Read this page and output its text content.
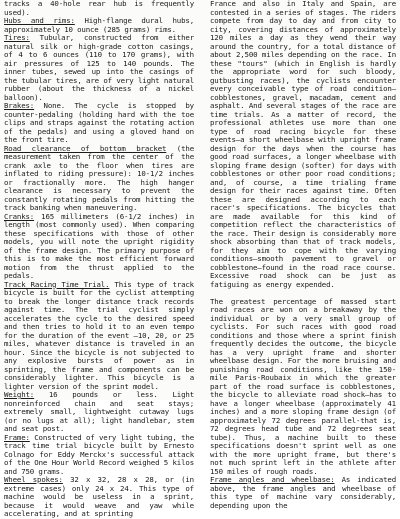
tracks a 40-hole rear hub is frequently used).

Hubs and rims: High-flange dural hubs, approximately 10 ounce (285 grams) rims.

Tires: Tubular, constructed from either natural silk or high-grade cotton casings, of 4 to 6 ounces (110 to 170 grams), with air pressures of 125 to 140 pounds. The inner tubes, sewed up into the casings of the tubular tires, are of very light natural rubber (about the thickness of a nickel balloon).

Brakes: None. The cycle is stopped by counter-pedaling (holding hard with the toe clips and straps against the rotating action of the pedals) and using a gloved hand on the front tire.

Road clearance of bottom bracket (the measurement taken from the center of the crank axle to the floor when tires are inflated to riding pressure): 10-1/2 inches or fractionally more. The high hanger clearance is necessary to prevent the constantly rotating pedals from hitting the track banking when maneuvering.

Cranks: 165 millimeters (6-1/2 inches) in length (most commonly used). When comparing these specifications with those of other models, you will note the upright rigidity of the frame design. The primary purpose of this is to make the most efficient forward motion from the thrust applied to the pedals.

Track Racing Time Trial. This type of track bicycle is built for the cyclist attempting to break the longer distance track records against time. The trial cyclist simply accelerates the cycle to the desired speed and then tries to hold it to an even tempo for the duration of the event —10, 20, or 25 miles, whatever distance is traveled in an hour. Since the bicycle is not subjected to any explosive bursts of power as in sprinting, the frame and components can be considerably lighter. This bicycle is a lighter version of the sprint model.

Weight: 16 pounds or less. Light nonreinforced chain and seat stays; extremely small, lightweight cutaway lugs (or no lugs at all); light handlebar, stem and seat post.

Frame: Constructed of very light tubing, the track time trial bicycle built by Ernesto Colnago for Eddy Merckx's successful attack of the One Hour World Record weighed 5 kilos and 750 grams.

Wheel spokes: 32 x 32, 28 x 28, or (in extreme cases) only 24 x 24. This type of machine would be useless in a sprint, because it would weave and yaw while accelerating, and at sprinting

France and also in Italy and Spain, are contested in a series of stages. The riders compete from day to day and from city to city, covering distances of approximately 120 miles a day as they wend their way around the country, for a total distance of about 2,500 miles depending on the race. In these "tours" (which in English is hardly the appropriate word for such bloody, gutbusting races), the cyclists encounter every conceivable type of road condition—cobblestones, gravel, macadam, cement and asphalt. And several stages of the race are time trials. As a matter of record, the professional athletes use more than one type of road racing bicycle for these events—a short wheelbase with upright frame design for the days when the course has good road surfaces, a longer wheelbase with sloping frame design (softer) for days with cobblestones or other poor road conditions; and, of course, a time trialing frame design for their races against time. Often these are designed according to each racer's specifications. The bicycles that are made available for this kind of competition reflect the characteristics of the race. Their design is considerably more shock absorbing than that of track models, for they aim to cope with the varying conditions—smooth pavement to gravel or cobblestone—found in the road race course. Excessive road shock can be just as fatiguing as energy expended.

The greatest percentage of massed start road races are won on a breakaway by the individual or by a very small group of cyclists. For such races with good road conditions and those where a sprint finish frequently decides the outcome, the bicycle has a very upright frame and shorter wheelbase design. For the more bruising and punishing road conditions, like the 150-mile Paris-Roubaix in which the greater part of the road surface is cobblestones, the bicycle to alleviate road shock—has to have a longer wheelbase (approximately 41 inches) and a more sloping frame design (of approximately 72 degrees parallel-that is, 72 degrees head tube and 72 degrees seat tube). Thus, a machine built to these specifications doesn't sprint well as one with the more upright frame, but there's not much sprint left in the athlete after 150 miles of rough roads.

Frame angles and wheelbase: As indicated above, the frame angles and wheelbase of this type of machine vary considerably, depending upon the
